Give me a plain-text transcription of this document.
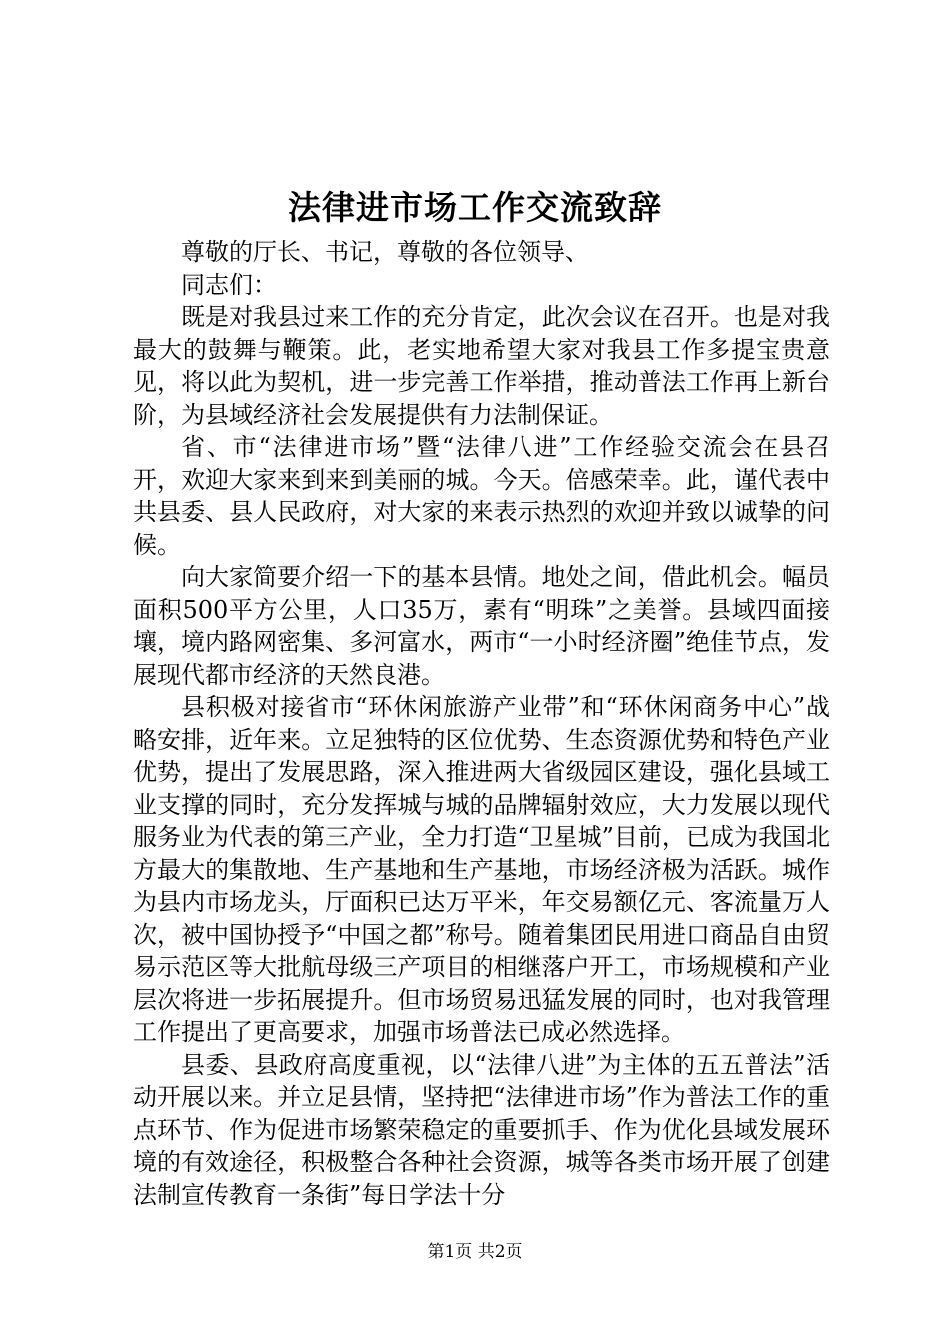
法律进市场工作交流致辞

尊敬的厅长、书记，尊敬的各位领导、

同志们：

既是对我县过来工作的充分肯定，此次会议在召开。也是对我最大的鼓舞与鞭策。此，老实地希望大家对我县工作多提宝贵意见，将以此为契机，进一步完善工作举措，推动普法工作再上新台阶，为县域经济社会发展提供有力法制保证。

省、市“法律进市场”暨“法律八进”工作经验交流会在县召开，欢迎大家来到来到美丽的城。今天。倍感荣幸。此，谨代表中共县委、县人民政府，对大家的来表示热烈的欢迎并致以诚挚的问候。

向大家简要介绍一下的基本县情。地处之间，借此机会。幅员面积500平方公里，人口35万，素有“明珠”之美誉。县域四面接壤，境内路网密集、多河富水，两市“一小时经济圈”绝佳节点，发展现代都市经济的天然良港。

县积极对接省市“环休闲旅游产业带”和“环休闲商务中心”战略安排，近年来。立足独特的区位优势、生态资源优势和特色产业优势，提出了发展思路，深入推进两大省级园区建设，强化县域工业支撑的同时，充分发挥城与城的品牌辐射效应，大力发展以现代服务业为代表的第三产业，全力打造“卫星城”目前，已成为我国北方最大的集散地、生产基地和生产基地，市场经济极为活跃。城作为县内市场龙头，厅面积已达万平米，年交易额亿元、客流量万人次，被中国协授予“中国之都”称号。随着集团民用进口商品自由贸易示范区等大批航母级三产项目的相继落户开工，市场规模和产业层次将进一步拓展提升。但市场贸易迅猛发展的同时，也对我管理工作提出了更高要求，加强市场普法已成必然选择。

县委、县政府高度重视，以“法律八进”为主体的五五普法”活动开展以来。并立足县情，坚持把“法律进市场”作为普法工作的重点环节、作为促进市场繁荣稳定的重要抓手、作为优化县域发展环境的有效途径，积极整合各种社会资源，城等各类市场开展了创建法制宣传教育一条街”每日学法十分

第1页 共2页
